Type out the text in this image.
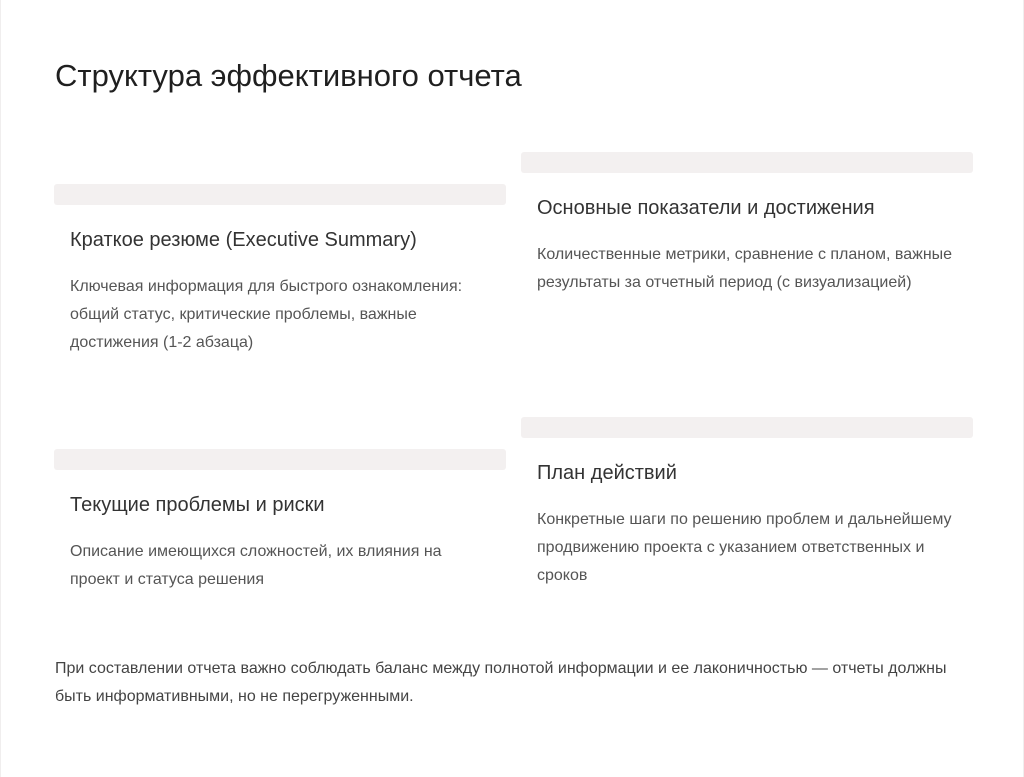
Структура эффективного отчета
Краткое резюме (Executive Summary)

Ключевая информация для быстрого ознакомления: общий статус, критические проблемы, важные достижения (1-2 абзаца)

Основные показатели и достижения

Количественные метрики, сравнение с планом, важные результаты за отчетный период (с визуализацией)

Текущие проблемы и риски

Описание имеющихся сложностей, их влияния на проект и статуса решения

План действий

Конкретные шаги по решению проблем и дальнейшему продвижению проекта с указанием ответственных и сроков

При составлении отчета важно соблюдать баланс между полнотой информации и ее лаконичностью — отчеты должны быть информативными, но не перегруженными.
